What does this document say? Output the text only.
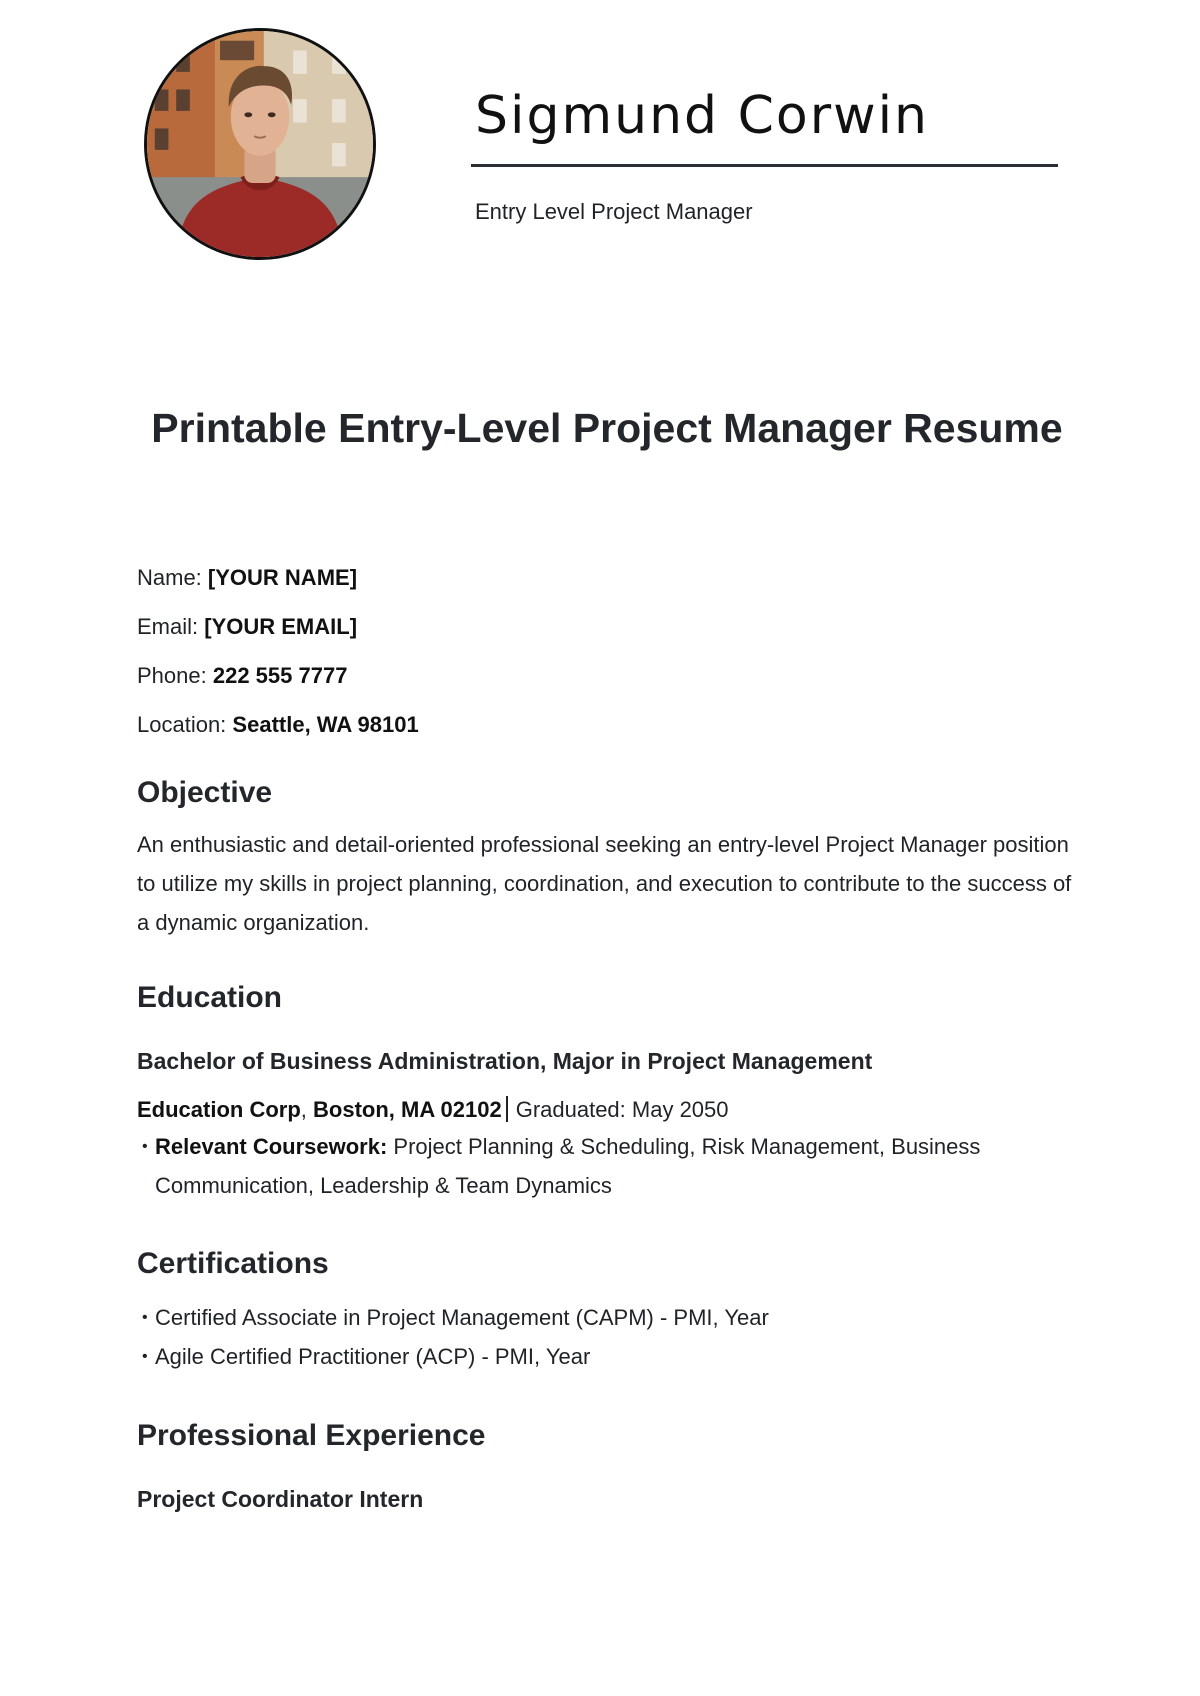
Sigmund Corwin
Entry Level Project Manager
Printable Entry-Level Project Manager Resume

Name: [YOUR NAME]

Email: [YOUR EMAIL]

Phone: 222 555 7777

Location: Seattle, WA 98101

Objective

An enthusiastic and detail-oriented professional seeking an entry-level Project Manager position to utilize my skills in project planning, coordination, and execution to contribute to the success of a dynamic organization.

Education

Bachelor of Business Administration, Major in Project Management

Education Corp, Boston, MA 02102 Graduated: May 2050

• Relevant Coursework: Project Planning & Scheduling, Risk Management, Business Communication, Leadership & Team Dynamics
Certifications
• Certified Associate in Project Management (CAPM) - PMI, Year
• Agile Certified Practitioner (ACP) - PMI, Year
Professional Experience

Project Coordinator Intern
